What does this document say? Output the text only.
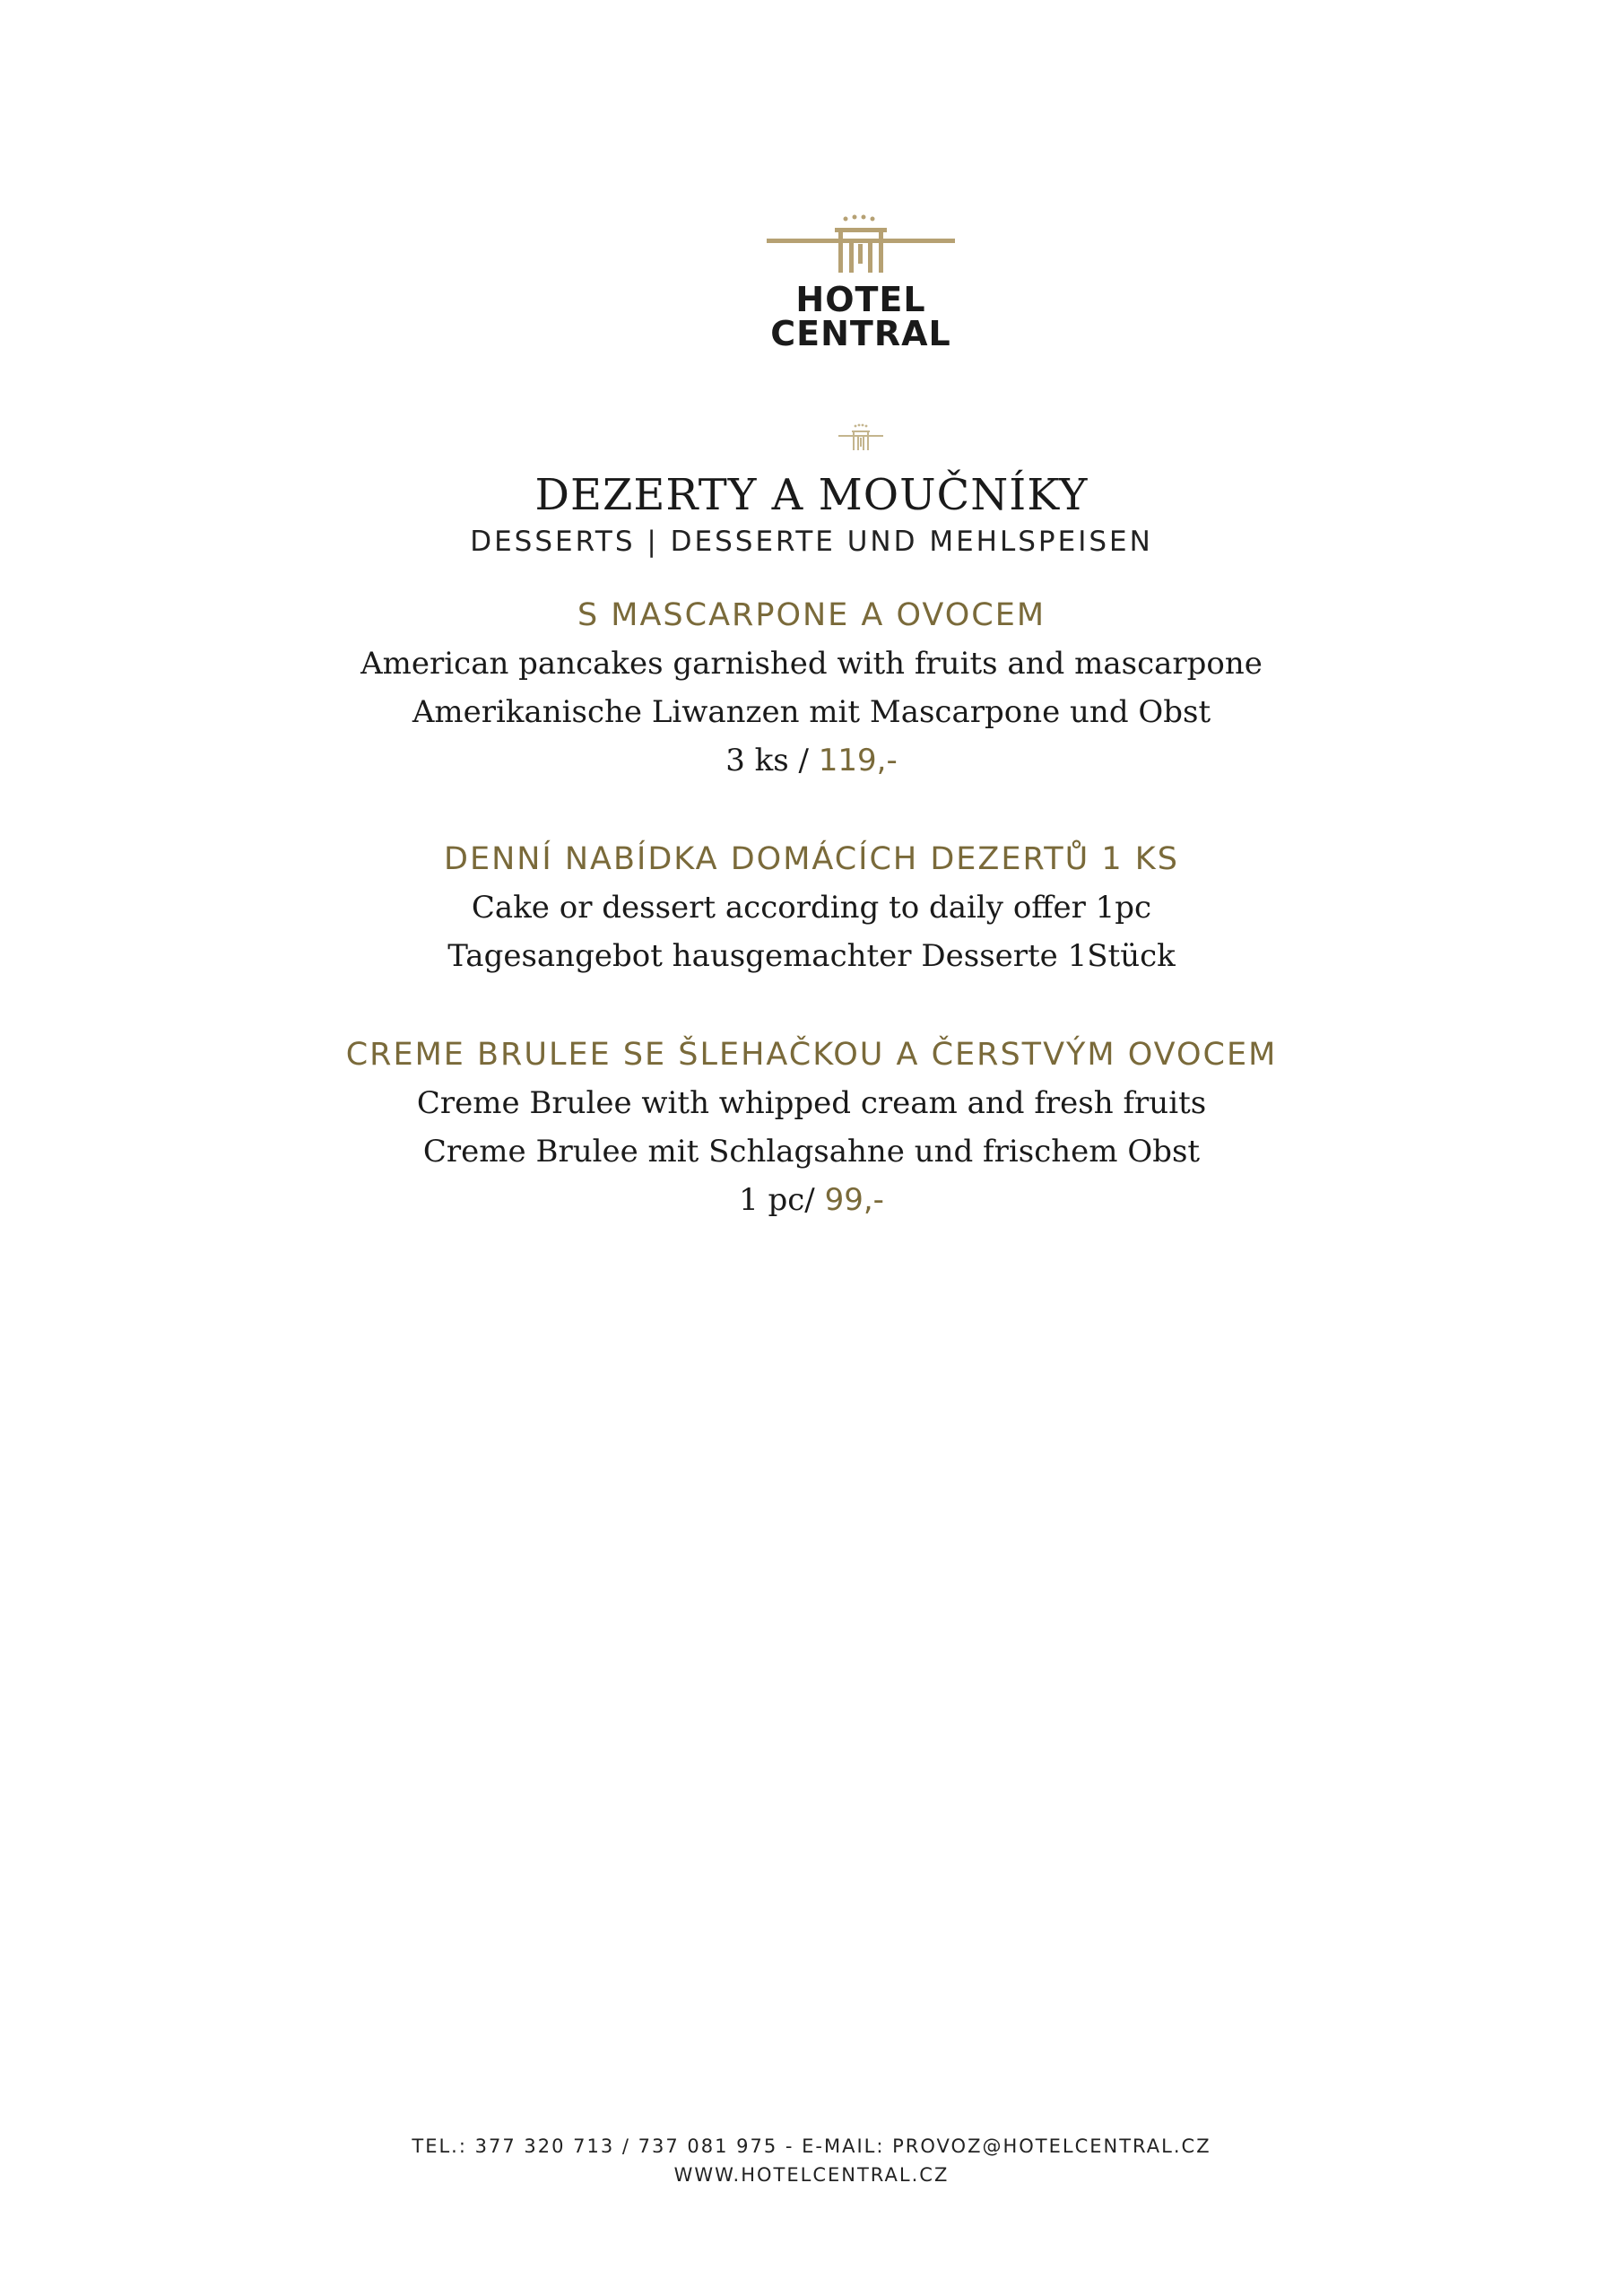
HOTEL
CENTRAL
DEZERTY A MOUČNÍKY
DESSERTS | DESSERTE UND MEHLSPEISEN
S MASCARPONE A OVOCEM
American pancakes garnished with fruits and mascarpone
Amerikanische Liwanzen mit Mascarpone und Obst
3 ks / 119,-
DENNÍ NABÍDKA DOMÁCÍCH DEZERTŮ 1 KS
Cake or dessert according to daily offer 1pc
Tagesangebot hausgemachter Desserte 1Stück
CREME BRULEE SE ŠLEHAČKOU A ČERSTVÝM OVOCEM
Creme Brulee with whipped cream and fresh fruits
Creme Brulee mit Schlagsahne und frischem Obst
1 pc/ 99,-
TEL.: 377 320 713 / 737 081 975 - E-MAIL: PROVOZ@HOTELCENTRAL.CZ
WWW.HOTELCENTRAL.CZ
